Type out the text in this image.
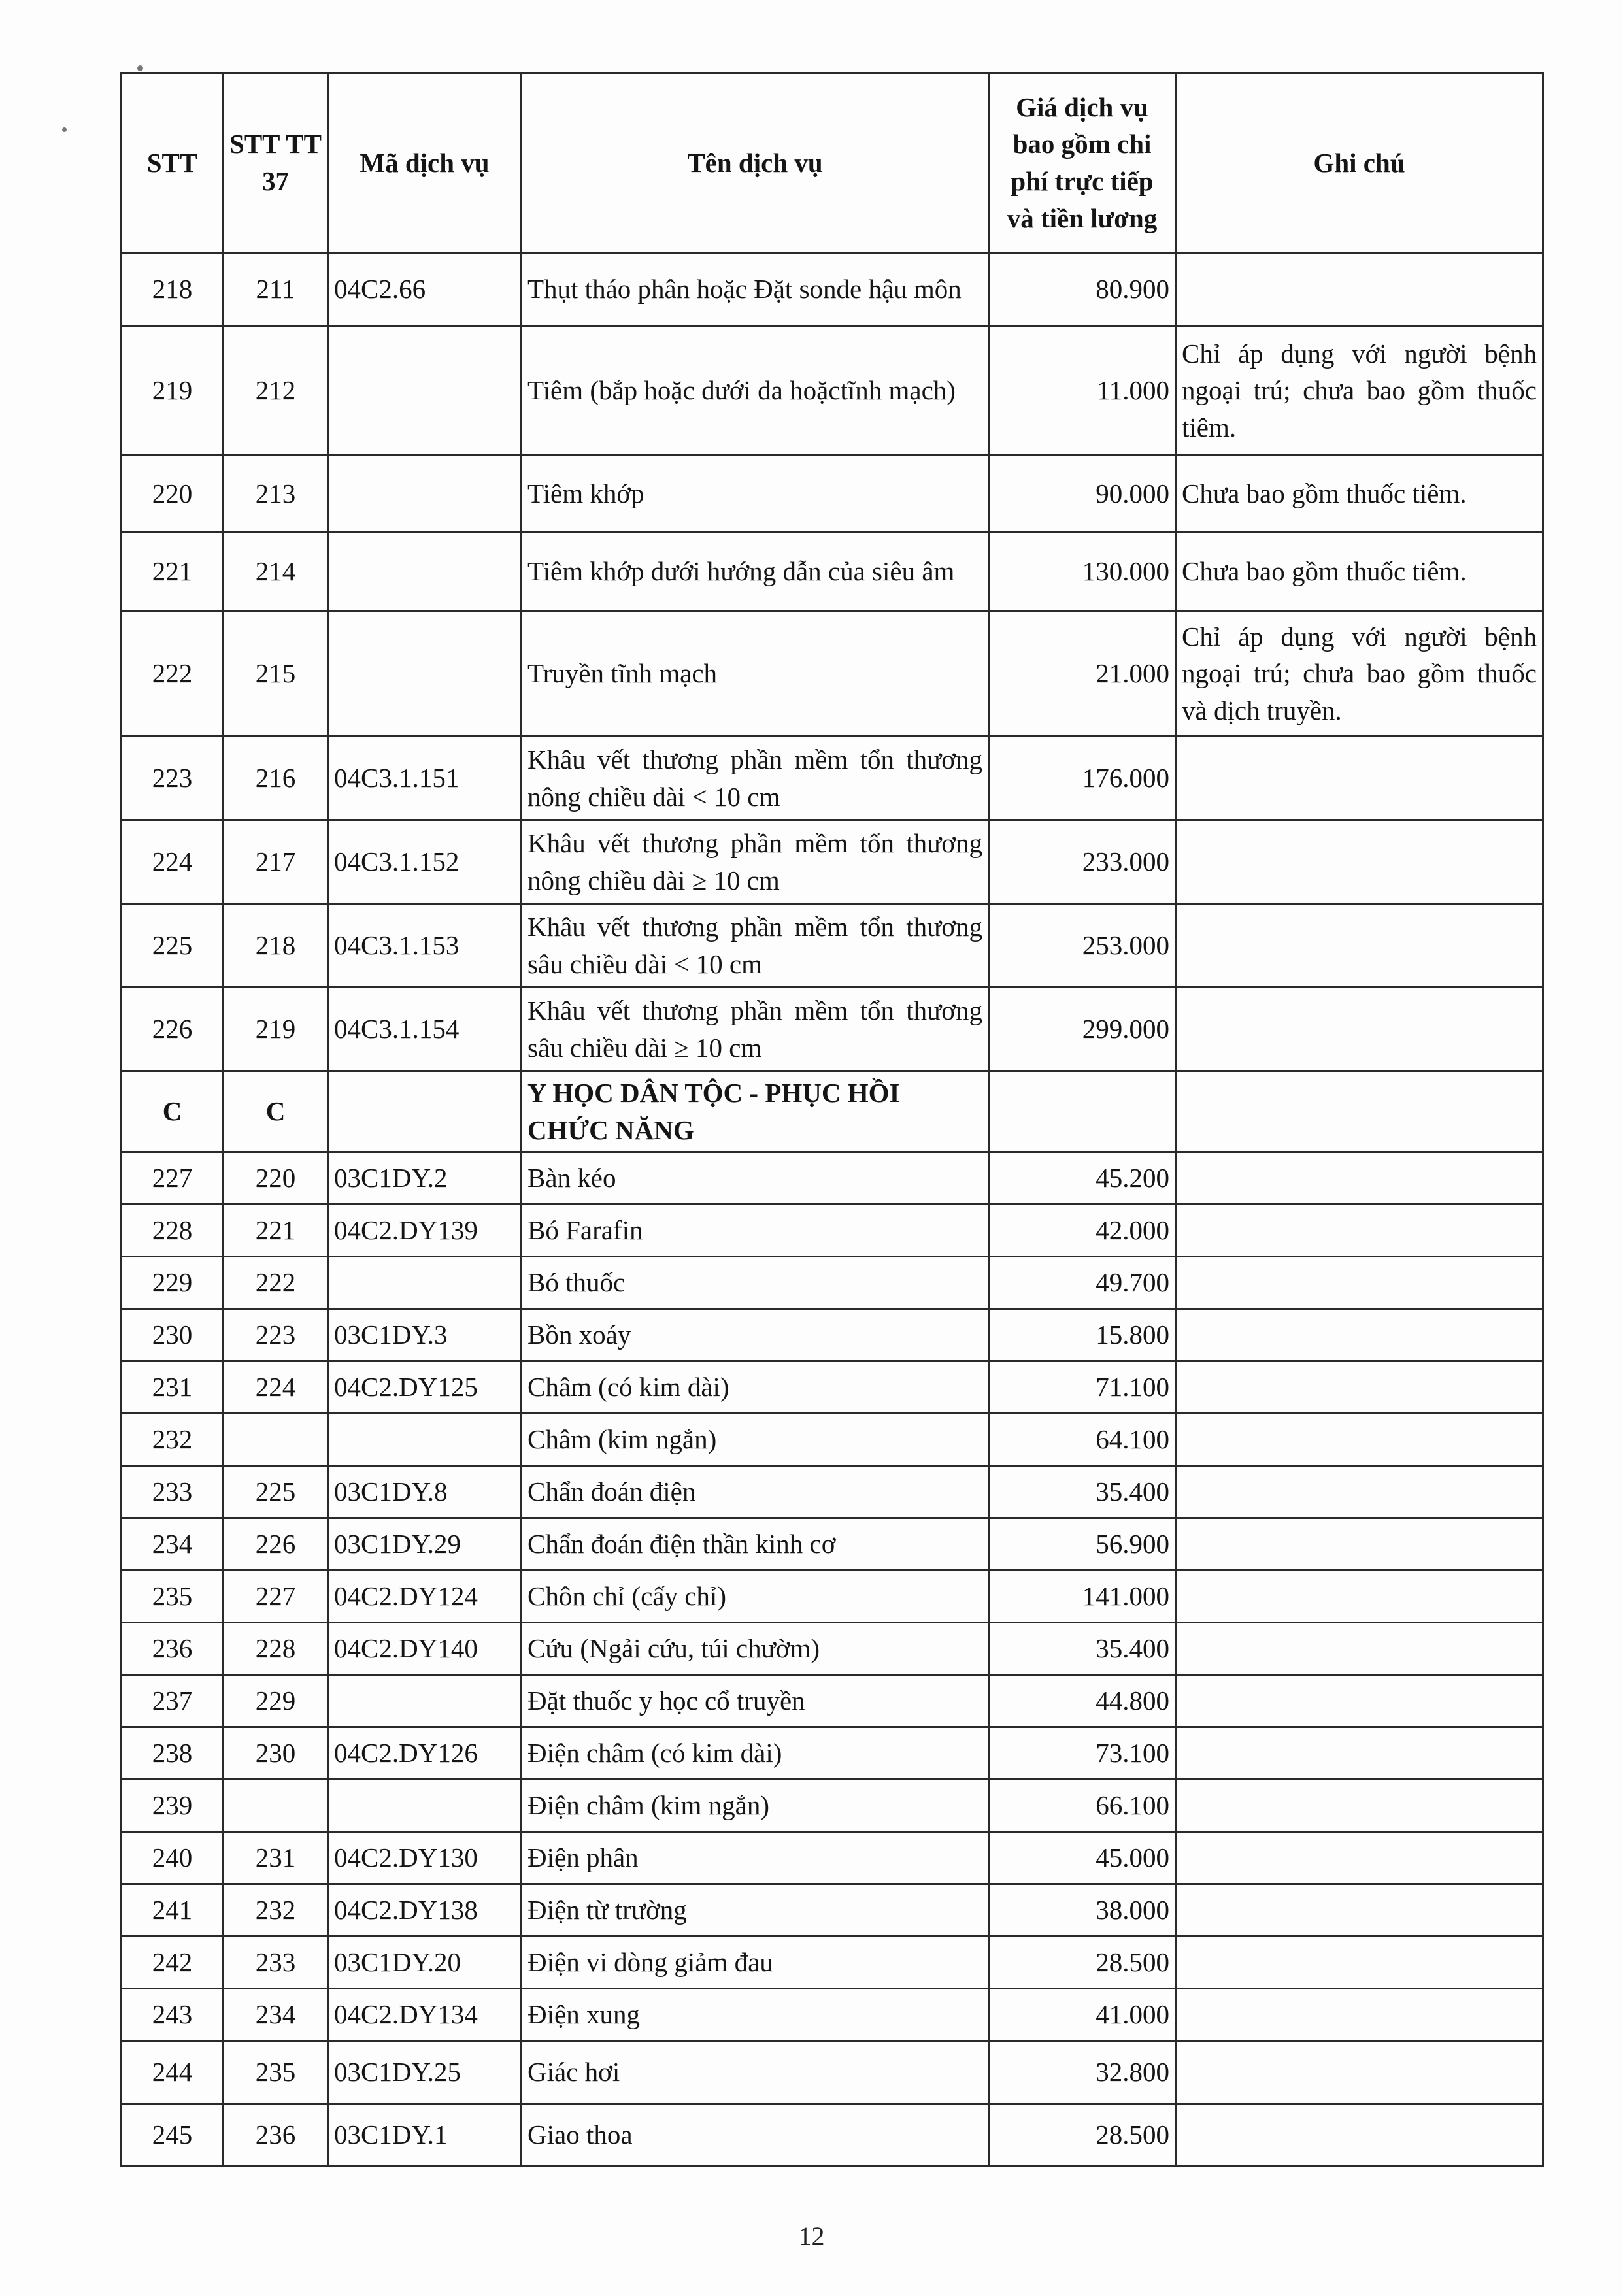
STT	STT TT 37	Mã dịch vụ	Tên dịch vụ	Giá dịch vụ bao gồm chi phí trực tiếp và tiền lương	Ghi chú
218	211	04C2.66	Thụt tháo phân hoặc Đặt sonde hậu môn	80.900	
219	212		Tiêm (bắp hoặc dưới da hoặctĩnh mạch)	11.000	Chỉ áp dụng với người bệnh ngoại trú; chưa bao gồm thuốc tiêm.
220	213		Tiêm khớp	90.000	Chưa bao gồm thuốc tiêm.
221	214		Tiêm khớp dưới hướng dẫn của siêu âm	130.000	Chưa bao gồm thuốc tiêm.
222	215		Truyền tĩnh mạch	21.000	Chỉ áp dụng với người bệnh ngoại trú; chưa bao gồm thuốc và dịch truyền.
223	216	04C3.1.151	Khâu vết thương phần mềm tổn thương nông chiều dài < 10 cm	176.000	
224	217	04C3.1.152	Khâu vết thương phần mềm tổn thương nông chiều dài ≥ 10 cm	233.000	
225	218	04C3.1.153	Khâu vết thương phần mềm tổn thương sâu chiều dài < 10 cm	253.000	
226	219	04C3.1.154	Khâu vết thương phần mềm tổn thương sâu chiều dài ≥ 10 cm	299.000	
C	C		Y HỌC DÂN TỘC - PHỤC HỒI CHỨC NĂNG		
227	220	03C1DY.2	Bàn kéo	45.200	
228	221	04C2.DY139	Bó Farafin	42.000	
229	222		Bó thuốc	49.700	
230	223	03C1DY.3	Bồn xoáy	15.800	
231	224	04C2.DY125	Châm (có kim dài)	71.100	
232			Châm (kim ngắn)	64.100	
233	225	03C1DY.8	Chẩn đoán điện	35.400	
234	226	03C1DY.29	Chẩn đoán điện thần kinh cơ	56.900	
235	227	04C2.DY124	Chôn chỉ (cấy chỉ)	141.000	
236	228	04C2.DY140	Cứu (Ngải cứu, túi chườm)	35.400	
237	229		Đặt thuốc y học cổ truyền	44.800	
238	230	04C2.DY126	Điện châm (có kim dài)	73.100	
239			Điện châm (kim ngắn)	66.100	
240	231	04C2.DY130	Điện phân	45.000	
241	232	04C2.DY138	Điện từ trường	38.000	
242	233	03C1DY.20	Điện vi dòng giảm đau	28.500	
243	234	04C2.DY134	Điện xung	41.000	
244	235	03C1DY.25	Giác hơi	32.800	
245	236	03C1DY.1	Giao thoa	28.500	
12
